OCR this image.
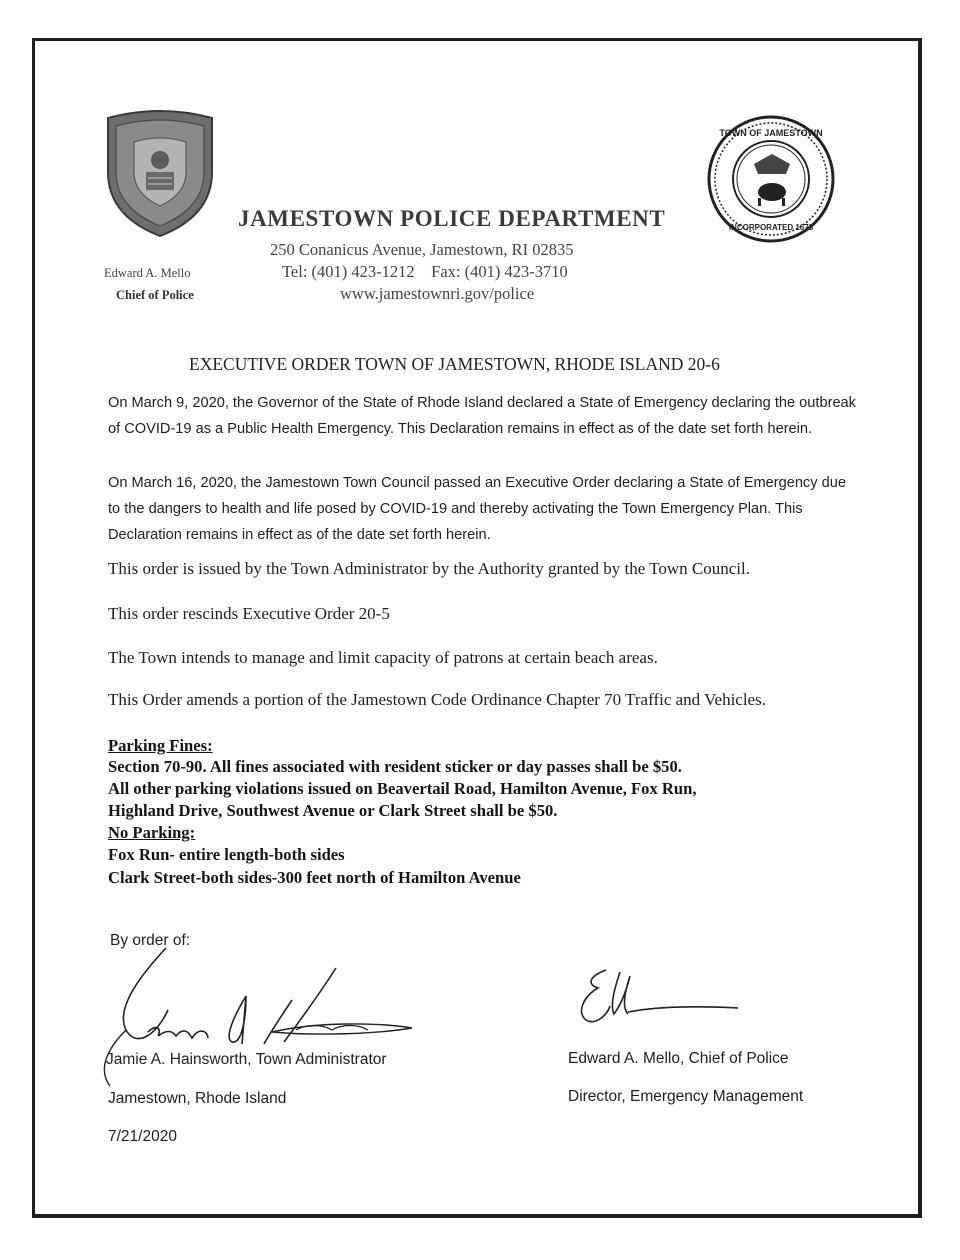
TOWN OF JAMESTOWN
INCORPORATED 1678
JAMESTOWN POLICE DEPARTMENT
250 Conanicus Avenue, Jamestown, RI 02835
Tel: (401) 423-1212    Fax: (401) 423-3710
www.jamestownri.gov/police
Edward A. Mello
Chief of Police
EXECUTIVE ORDER TOWN OF JAMESTOWN, RHODE ISLAND 20-6
On March 9, 2020, the Governor of the State of Rhode Island declared a State of Emergency declaring the outbreak of COVID-19 as a Public Health Emergency. This Declaration remains in effect as of the date set forth herein.
On March 16, 2020, the Jamestown Town Council passed an Executive Order declaring a State of Emergency due to the dangers to health and life posed by COVID-19 and thereby activating the Town Emergency Plan. This Declaration remains in effect as of the date set forth herein.
This order is issued by the Town Administrator by the Authority granted by the Town Council.
This order rescinds Executive Order 20-5
The Town intends to manage and limit capacity of patrons at certain beach areas.
This Order amends a portion of the Jamestown Code Ordinance Chapter 70 Traffic and Vehicles.
Parking Fines:
Section 70-90. All fines associated with resident sticker or day passes shall be $50.
All other parking violations issued on Beavertail Road, Hamilton Avenue, Fox Run,
Highland Drive, Southwest Avenue or Clark Street shall be $50.
No Parking:
Fox Run- entire length-both sides
Clark Street-both sides-300 feet north of Hamilton Avenue
By order of:
Jamie A. Hainsworth, Town Administrator
Jamestown, Rhode Island
7/21/2020
Edward A. Mello, Chief of Police
Director, Emergency Management
